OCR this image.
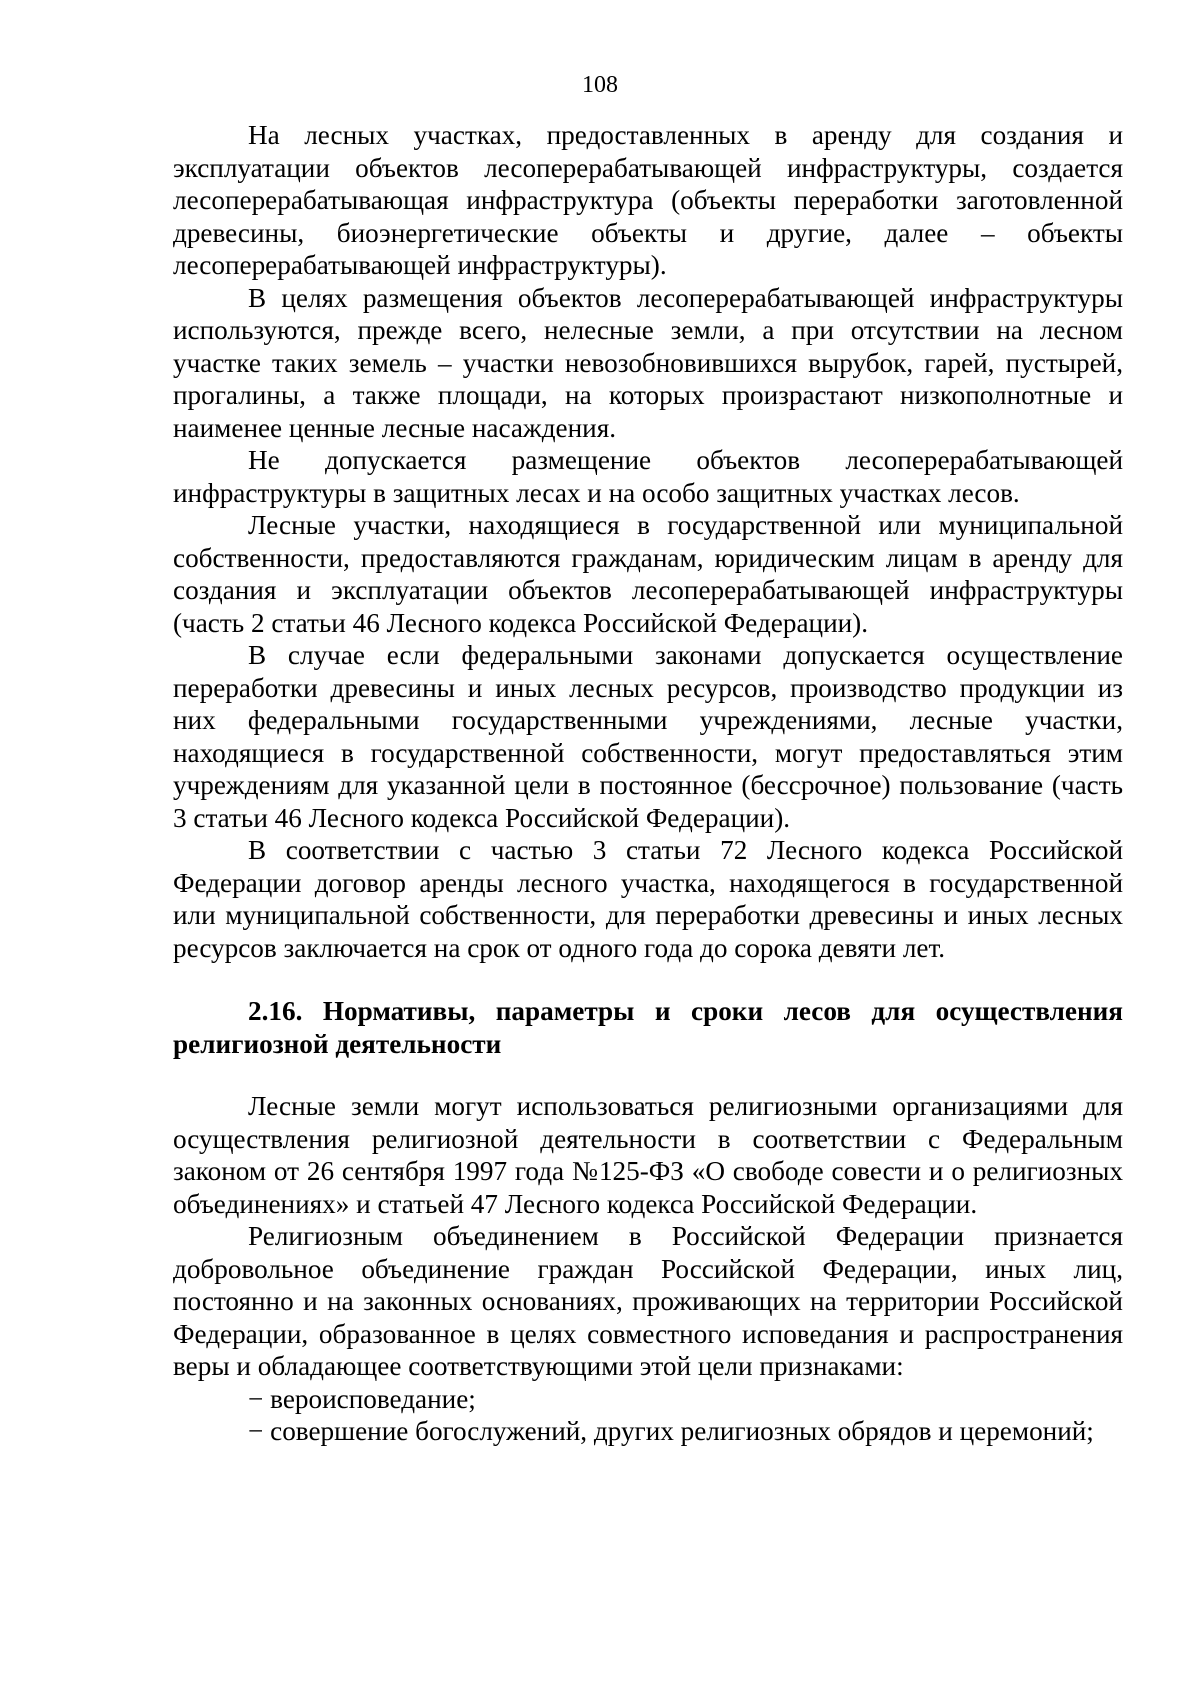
108

На лесных участках, предоставленных в аренду для создания и эксплуатации объектов лесоперерабатывающей инфраструктуры, создается лесоперерабатывающая инфраструктура (объекты переработки заготовленной древесины, биоэнергетические объекты и другие, далее – объекты лесоперерабатывающей инфраструктуры).

В целях размещения объектов лесоперерабатывающей инфраструктуры используются, прежде всего, нелесные земли, а при отсутствии на лесном участке таких земель – участки невозобновившихся вырубок, гарей, пустырей, прогалины, а также площади, на которых произрастают низкополнотные и наименее ценные лесные насаждения.

Не допускается размещение объектов лесоперерабатывающей инфраструктуры в защитных лесах и на особо защитных участках лесов.

Лесные участки, находящиеся в государственной или муниципальной собственности, предоставляются гражданам, юридическим лицам в аренду для создания и эксплуатации объектов лесоперерабатывающей инфраструктуры (часть 2 статьи 46 Лесного кодекса Российской Федерации).

В случае если федеральными законами допускается осуществление переработки древесины и иных лесных ресурсов, производство продукции из них федеральными государственными учреждениями, лесные участки, находящиеся в государственной собственности, могут предоставляться этим учреждениям для указанной цели в постоянное (бессрочное) пользование (часть 3 статьи 46 Лесного кодекса Российской Федерации).

В соответствии с частью 3 статьи 72 Лесного кодекса Российской Федерации договор аренды лесного участка, находящегося в государственной или муниципальной собственности, для переработки древесины и иных лесных ресурсов заключается на срок от одного года до сорока девяти лет.

2.16. Нормативы, параметры и сроки лесов для осуществления религиозной деятельности

Лесные земли могут использоваться религиозными организациями для осуществления религиозной деятельности в соответствии с Федеральным законом от 26 сентября 1997 года №125-ФЗ «О свободе совести и о религиозных объединениях» и статьей 47 Лесного кодекса Российской Федерации.

Религиозным объединением в Российской Федерации признается добровольное объединение граждан Российской Федерации, иных лиц, постоянно и на законных основаниях, проживающих на территории Российской Федерации, образованное в целях совместного исповедания и распространения веры и обладающее соответствующими этой цели признаками:

− вероисповедание;

− совершение богослужений, других религиозных обрядов и церемоний;
